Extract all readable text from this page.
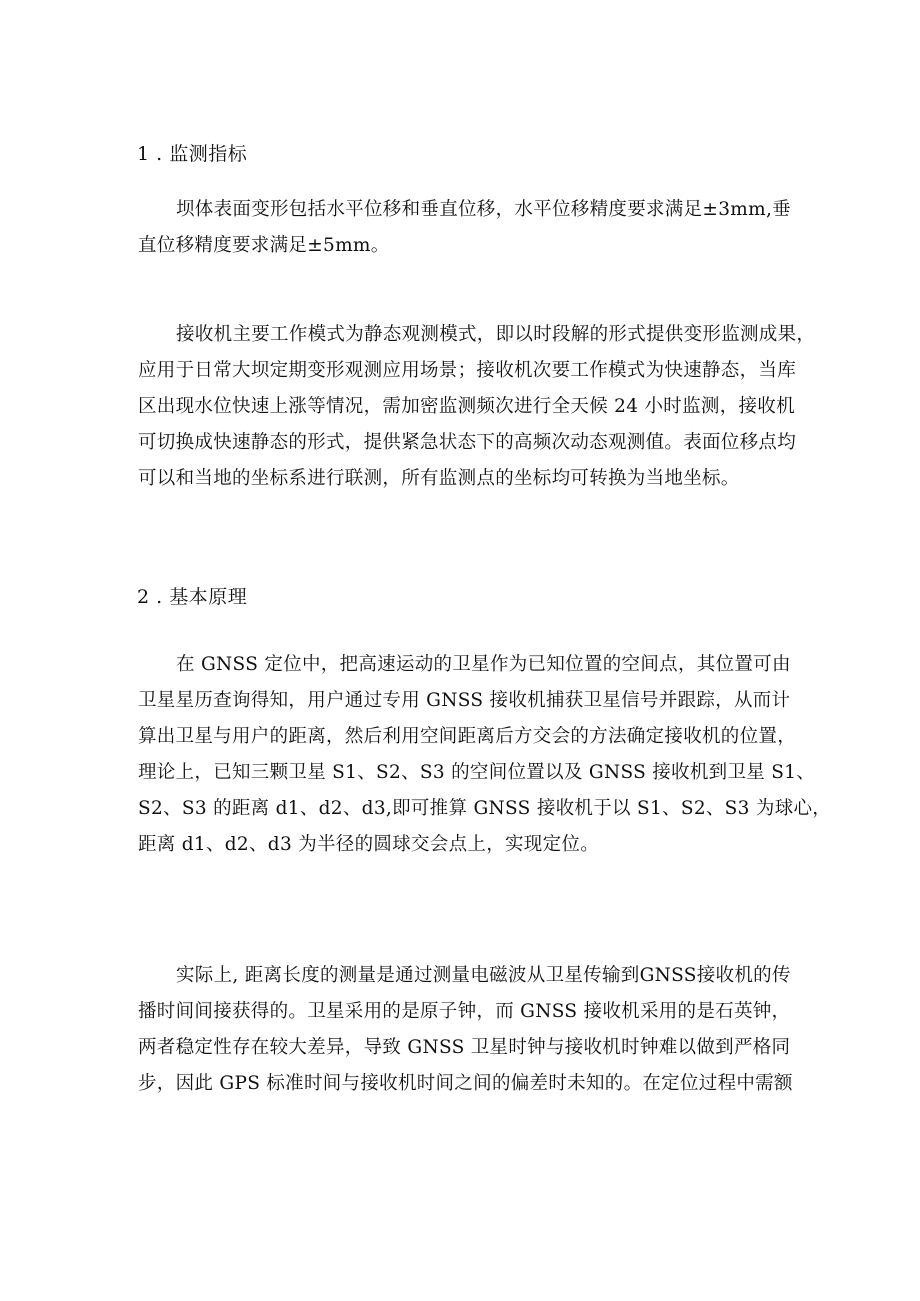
1 . 监测指标
坝体表面变形包括水平位移和垂直位移，水平位移精度要求满足±3mm,垂
直位移精度要求满足±5mm。
接收机主要工作模式为静态观测模式，即以时段解的形式提供变形监测成果，
应用于日常大坝定期变形观测应用场景；接收机次要工作模式为快速静态，当库
区出现水位快速上涨等情况，需加密监测频次进行全天候 24 小时监测，接收机
可切换成快速静态的形式，提供紧急状态下的高频次动态观测值。表面位移点均
可以和当地的坐标系进行联测，所有监测点的坐标均可转换为当地坐标。
2 . 基本原理
在 GNSS 定位中，把高速运动的卫星作为已知位置的空间点，其位置可由
卫星星历查询得知，用户通过专用 GNSS 接收机捕获卫星信号并跟踪，从而计
算出卫星与用户的距离，然后利用空间距离后方交会的方法确定接收机的位置，
理论上，已知三颗卫星 S1、S2、S3 的空间位置以及 GNSS 接收机到卫星 S1、
S2、S3 的距离 d1、d2、d3,即可推算 GNSS 接收机于以 S1、S2、S3 为球心，
距离 d1、d2、d3 为半径的圆球交会点上，实现定位。
实际上, 距离长度的测量是通过测量电磁波从卫星传输到GNSS接收机的传
播时间间接获得的。卫星采用的是原子钟，而 GNSS 接收机采用的是石英钟，
两者稳定性存在较大差异，导致 GNSS 卫星时钟与接收机时钟难以做到严格同
步，因此 GPS 标准时间与接收机时间之间的偏差时未知的。在定位过程中需额
